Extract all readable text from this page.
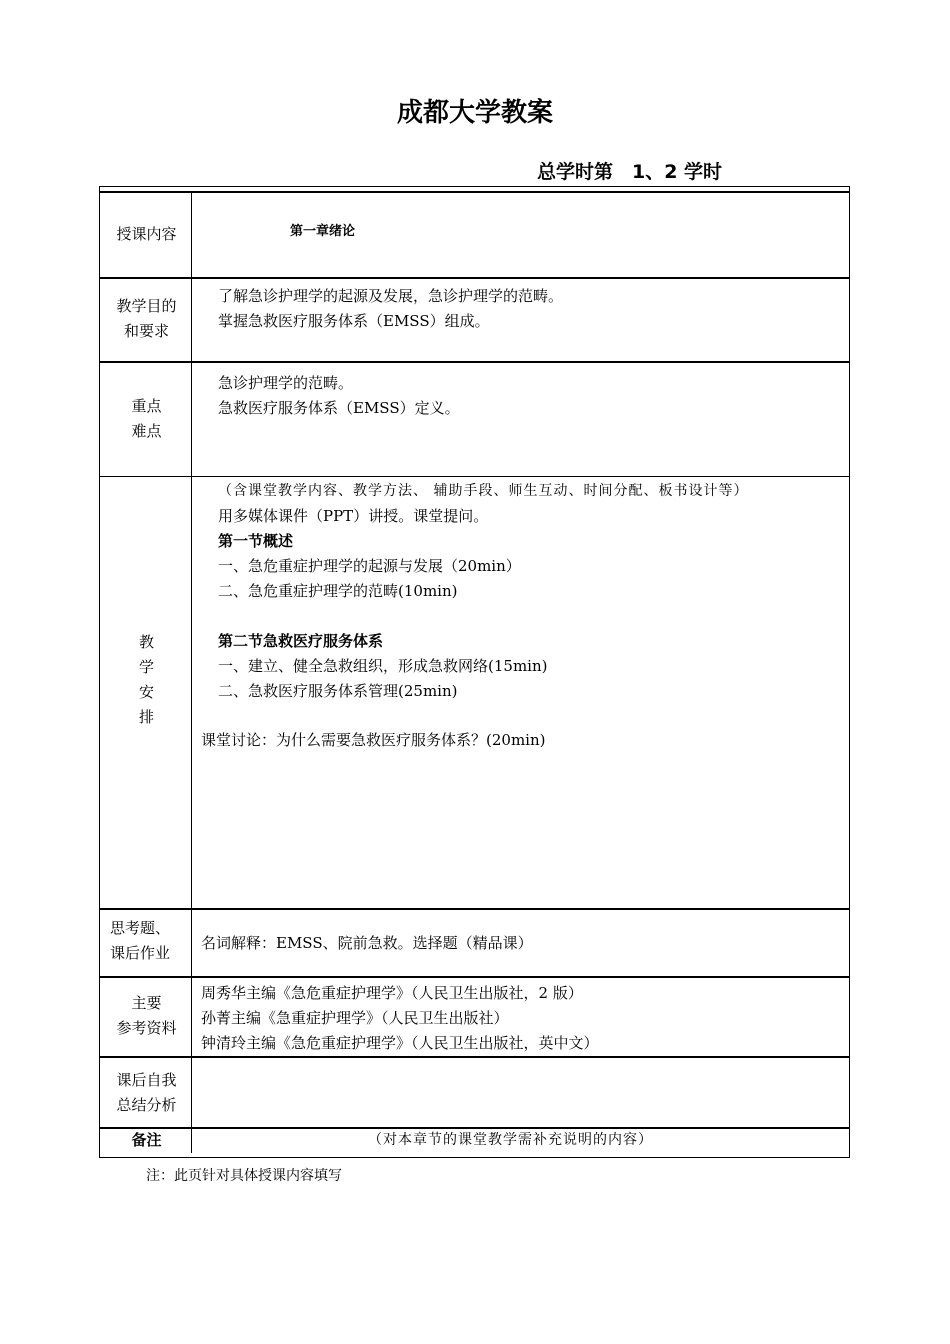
成都大学教案
总学时第　1、2 学时
授课内容	第一章绪论
教学目的
和要求
了解急诊护理学的起源及发展，急诊护理学的范畴。
掌握急救医疗服务体系（EMSS）组成。
重点
难点
急诊护理学的范畴。
急救医疗服务体系（EMSS）定义。
教
学
安
排
（含课堂教学内容、教学方法、 辅助手段、师生互动、时间分配、板书设计等）
用多媒体课件（PPT）讲授。课堂提问。
第一节概述
一、急危重症护理学的起源与发展（20min）
二、急危重症护理学的范畴(10min)
第二节急救医疗服务体系
一、建立、健全急救组织，形成急救网络(15min)
二、急救医疗服务体系管理(25min)
课堂讨论：为什么需要急救医疗服务体系？(20min)
思考题、
课后作业
名词解释：EMSS、院前急救。选择题（精品课）
主要
参考资料
周秀华主编《急危重症护理学》（人民卫生出版社，2 版）
孙菁主编《急重症护理学》（人民卫生出版社）
钟清玲主编《急危重症护理学》（人民卫生出版社，英中文）
课后自我
总结分析
备注	（对本章节的课堂教学需补充说明的内容）
注：此页针对具体授课内容填写
